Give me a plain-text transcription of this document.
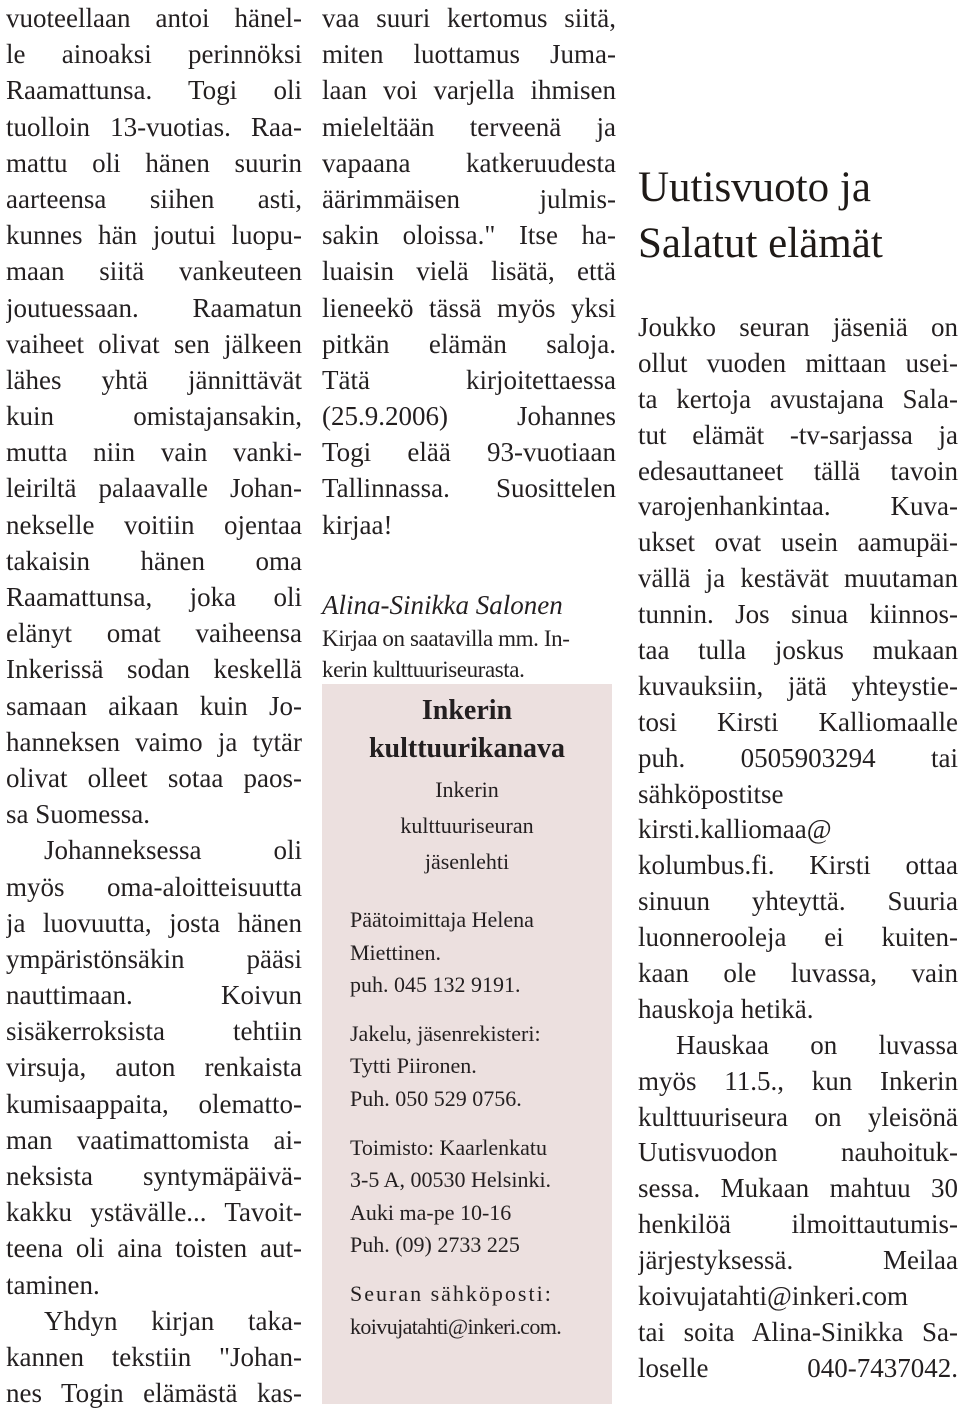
vuoteellaan antoi hänel-
le ainoaksi perinnöksi
Raamattunsa. Togi oli
tuolloin 13-vuotias. Raa-
mattu oli hänen suurin
aarteensa siihen asti,
kunnes hän joutui luopu-
maan siitä vankeuteen
joutuessaan. Raamatun
vaiheet olivat sen jälkeen
lähes yhtä jännittävät
kuin omistajansakin,
mutta niin vain vanki-
leiriltä palaavalle Johan-
nekselle voitiin ojentaa
takaisin hänen oma
Raamattunsa, joka oli
elänyt omat vaiheensa
Inkerissä sodan keskellä
samaan aikaan kuin Jo-
hanneksen vaimo ja tytär
olivat olleet sotaa paos-
sa Suomessa.
Johanneksessa oli
myös oma-aloitteisuutta
ja luovuutta, josta hänen
ympäristönsäkin pääsi
nauttimaan. Koivun
sisäkerroksista tehtiin
virsuja, auton renkaista
kumisaappaita, olematto-
man vaatimattomista ai-
neksista syntymäpäivä-
kakku ystävälle... Tavoit-
teena oli aina toisten aut-
taminen.
Yhdyn kirjan taka-
kannen tekstiin "Johan-
nes Togin elämästä kas-
vaa suuri kertomus siitä,
miten luottamus Juma-
laan voi varjella ihmisen
mieleltään terveenä ja
vapaana katkeruudesta
äärimmäisen julmis-
sakin oloissa." Itse ha-
luaisin vielä lisätä, että
lieneekö tässä myös yksi
pitkän elämän saloja.
Tätä kirjoitettaessa
(25.9.2006) Johannes
Togi elää 93-vuotiaan
Tallinnassa. Suosittelen
kirjaa!
Alina-Sinikka Salonen
Kirjaa on saatavilla mm. In-
kerin kulttuuriseurasta.
Inkerin
kulttuurikanava
Inkerin
kulttuuriseuran
jäsenlehti
Päätoimittaja Helena
Miettinen.
puh. 045 132 9191.
Jakelu, jäsenrekisteri:
Tytti Piironen.
Puh. 050 529 0756.
Toimisto: Kaarlenkatu
3-5 A, 00530 Helsinki.
Auki ma-pe 10-16
Puh. (09) 2733 225
Seuran sähköposti:
koivujatahti@inkeri.com.
Uutisvuoto ja
Salatut elämät
Joukko seuran jäseniä on
ollut vuoden mittaan usei-
ta kertoja avustajana Sala-
tut elämät -tv-sarjassa ja
edesauttaneet tällä tavoin
varojenhankintaa. Kuva-
ukset ovat usein aamupäi-
vällä ja kestävät muutaman
tunnin. Jos sinua kiinnos-
taa tulla joskus mukaan
kuvauksiin, jätä yhteystie-
tosi Kirsti Kalliomaalle
puh. 0505903294 tai
sähköpostitse
kirsti.kalliomaa@
kolumbus.fi. Kirsti ottaa
sinuun yhteyttä. Suuria
luonnerooleja ei kuiten-
kaan ole luvassa, vain
hauskoja hetikä.
Hauskaa on luvassa
myös 11.5., kun Inkerin
kulttuuriseura on yleisönä
Uutisvuodon nauhoituk-
sessa. Mukaan mahtuu 30
henkilöä ilmoittautumis-
järjestyksessä. Meilaa
koivujatahti@inkeri.com
tai soita Alina-Sinikka Sa-
loselle 040-7437042.
